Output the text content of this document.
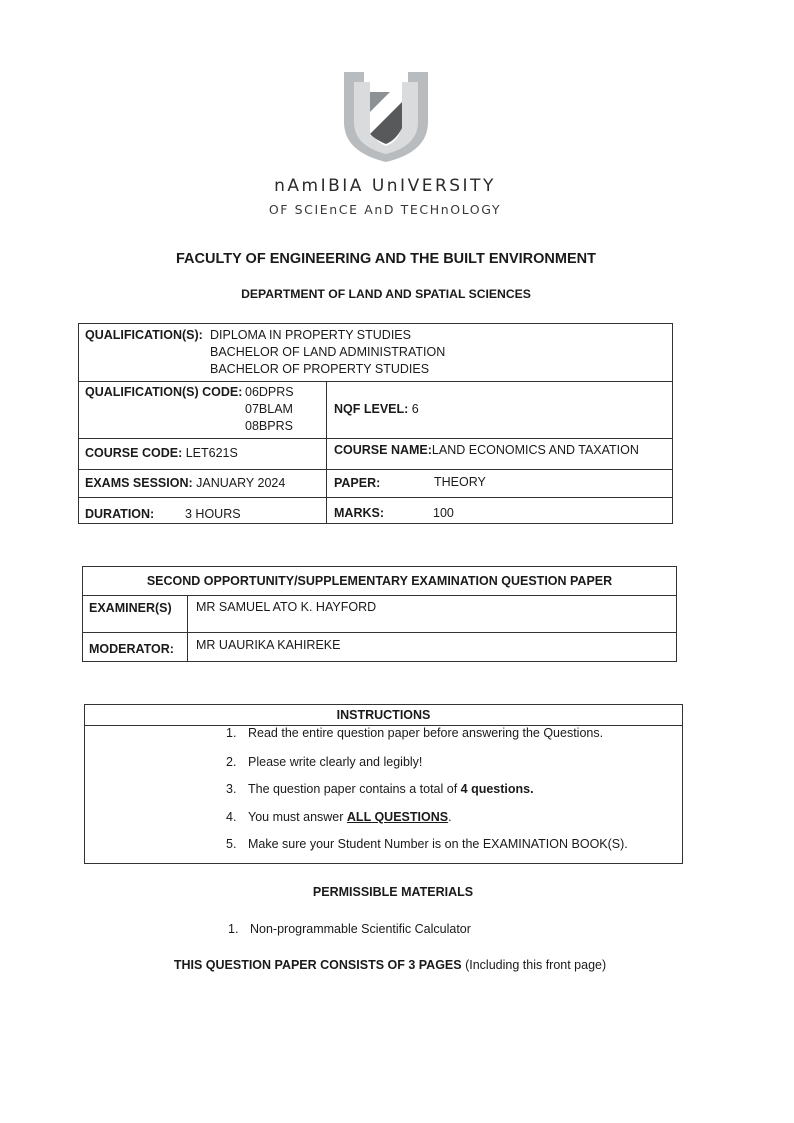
nAmIBIA UnIVERSITY
OF SCIEnCE AnD TECHnOLOGY
FACULTY OF ENGINEERING AND THE BUILT ENVIRONMENT
DEPARTMENT OF LAND AND SPATIAL SCIENCES
QUALIFICATION(S): DIPLOMA IN PROPERTY STUDIES
BACHELOR OF LAND ADMINISTRATION
BACHELOR OF PROPERTY STUDIES
QUALIFICATION(S) CODE: 06DPRS
07BLAM
08BPRS
NQF LEVEL: 6
COURSE CODE: LET621S	COURSE NAME:LAND ECONOMICS AND TAXATION
EXAMS SESSION: JANUARY 2024	PAPER:	THEORY
DURATION: 3 HOURS	MARKS:	100
SECOND OPPORTUNITY/SUPPLEMENTARY EXAMINATION QUESTION PAPER
EXAMINER(S) MR SAMUEL ATO K. HAYFORD
MODERATOR: MR UAURIKA KAHIREKE
INSTRUCTIONS
1. Read the entire question paper before answering the Questions.
2. Please write clearly and legibly!
3. The question paper contains a total of 4 questions.
4. You must answer ALL QUESTIONS.
5. Make sure your Student Number is on the EXAMINATION BOOK(S).
PERMISSIBLE MATERIALS
1. Non-programmable Scientific Calculator
THIS QUESTION PAPER CONSISTS OF 3 PAGES (Including this front page)
